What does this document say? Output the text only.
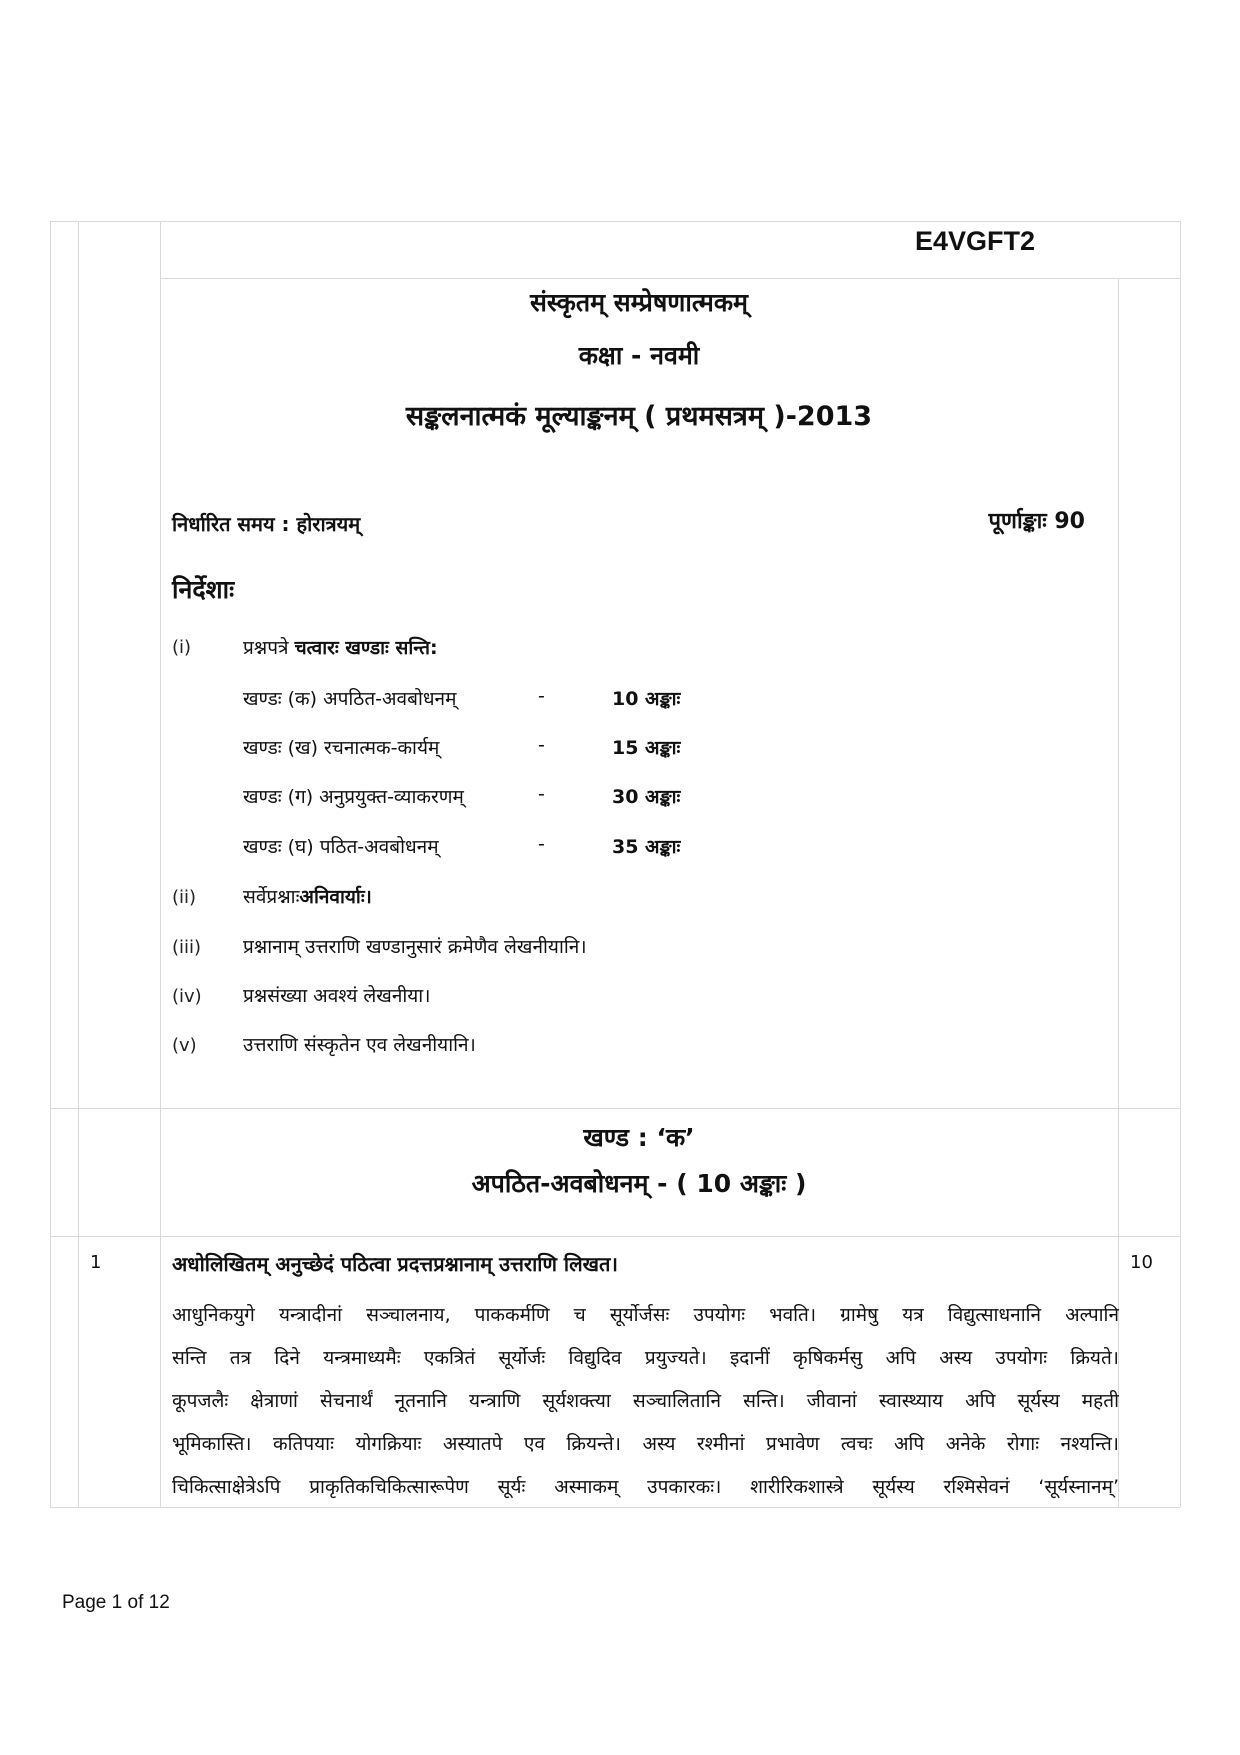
E4VGFT2
संस्कृतम् सम्प्रेषणात्मकम्
कक्षा - नवमी
सङ्कलनात्मकं मूल्याङ्कनम् ( प्रथमसत्रम् )-2013
निर्धारित समय : होरात्रयम्	पूर्णाङ्काः 90
निर्देशाः
(i)	प्रश्नपत्रे चत्वारः खण्डाः सन्ति:
खण्डः (क) अपठित-अवबोधनम्	-	10 अङ्काः
खण्डः (ख) रचनात्मक-कार्यम्	-	15 अङ्काः
खण्डः (ग) अनुप्रयुक्त-व्याकरणम्	-	30 अङ्काः
खण्डः (घ) पठित-अवबोधनम्	-	35 अङ्काः
(ii) सर्वेप्रश्नाःअनिवार्याः।
(iii) प्रश्नानाम् उत्तराणि खण्डानुसारं क्रमेणैव लेखनीयानि।
(iv) प्रश्नसंख्या अवश्यं लेखनीया।
(v) उत्तराणि संस्कृतेन एव लेखनीयानि।
खण्ड : ‘क’
अपठित-अवबोधनम् - ( 10 अङ्काः )
1	10
अधोलिखितम् अनुच्छेदं पठित्वा प्रदत्तप्रश्नानाम् उत्तराणि लिखत।
आधुनिकयुगे यन्त्रादीनां सञ्चालनाय, पाककर्मणि च सूर्योर्जसः उपयोगः भवति। ग्रामेषु यत्र विद्युत्साधनानि अल्पानि
सन्ति तत्र दिने यन्त्रमाध्यमैः एकत्रितं सूर्योर्जः विद्युदिव प्रयुज्यते। इदानीं कृषिकर्मसु अपि अस्य उपयोगः क्रियते।
कूपजलैः क्षेत्राणां सेचनार्थं नूतनानि यन्त्राणि सूर्यशक्त्या सञ्चालितानि सन्ति। जीवानां स्वास्थ्याय अपि सूर्यस्य महती
भूमिकास्ति। कतिपयाः योगक्रियाः अस्यातपे एव क्रियन्ते। अस्य रश्मीनां प्रभावेण त्वचः अपि अनेके रोगाः नश्यन्ति।
चिकित्साक्षेत्रेऽपि प्राकृतिकचिकित्सारूपेण सूर्यः अस्माकम् उपकारकः। शारीरिकशास्त्रे सूर्यस्य रश्मिसेवनं ‘सूर्यस्नानम्’
Page 1 of 12
